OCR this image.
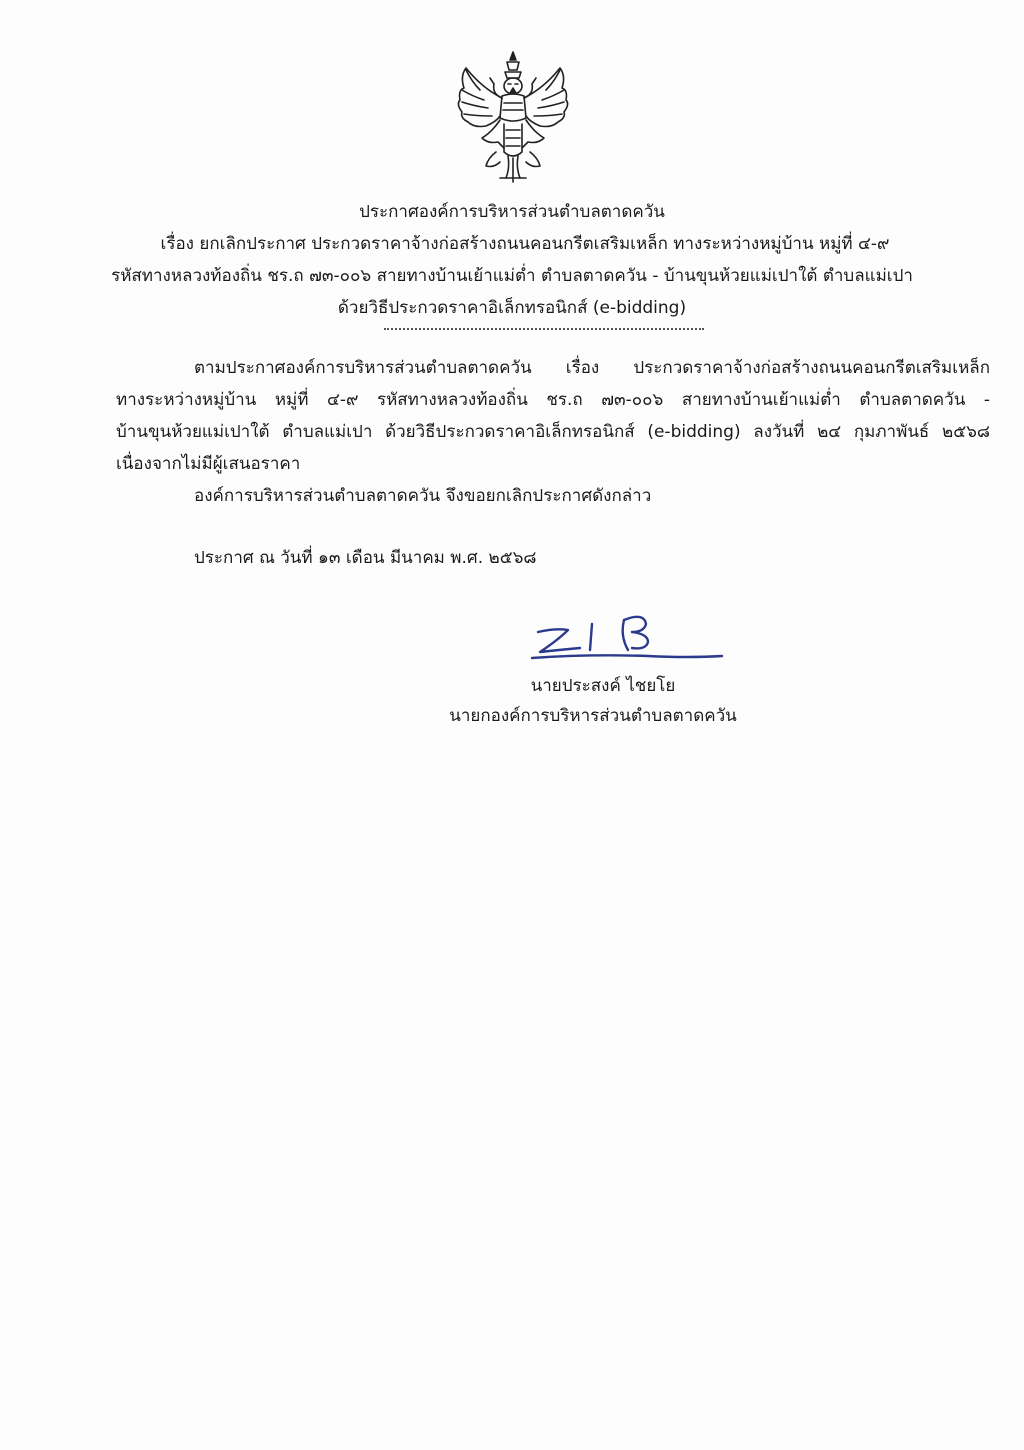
ประกาศองค์การบริหารส่วนตำบลตาดควัน
เรื่อง ยกเลิกประกาศ ประกวดราคาจ้างก่อสร้างถนนคอนกรีตเสริมเหล็ก ทางระหว่างหมู่บ้าน หมู่ที่ ๔-๙
รหัสทางหลวงท้องถิ่น ชร.ถ ๗๓-๐๐๖ สายทางบ้านเย้าแม่ต่ำ ตำบลตาดควัน - บ้านขุนห้วยแม่เปาใต้ ตำบลแม่เปา
ด้วยวิธีประกวดราคาอิเล็กทรอนิกส์ (e-bidding)
ตามประกาศองค์การบริหารส่วนตำบลตาดควัน เรื่อง ประกวดราคาจ้างก่อสร้างถนนคอนกรีตเสริมเหล็ก
ทางระหว่างหมู่บ้าน หมู่ที่ ๔-๙ รหัสทางหลวงท้องถิ่น ชร.ถ ๗๓-๐๐๖ สายทางบ้านเย้าแม่ต่ำ ตำบลตาดควัน -
บ้านขุนห้วยแม่เปาใต้ ตำบลแม่เปา ด้วยวิธีประกวดราคาอิเล็กทรอนิกส์ (e-bidding) ลงวันที่ ๒๔ กุมภาพันธ์ ๒๕๖๘
เนื่องจากไม่มีผู้เสนอราคา
องค์การบริหารส่วนตำบลตาดควัน จึงขอยกเลิกประกาศดังกล่าว
ประกาศ ณ วันที่ ๑๓ เดือน มีนาคม พ.ศ. ๒๕๖๘
นายประสงค์ ไชยโย
นายกองค์การบริหารส่วนตำบลตาดควัน
